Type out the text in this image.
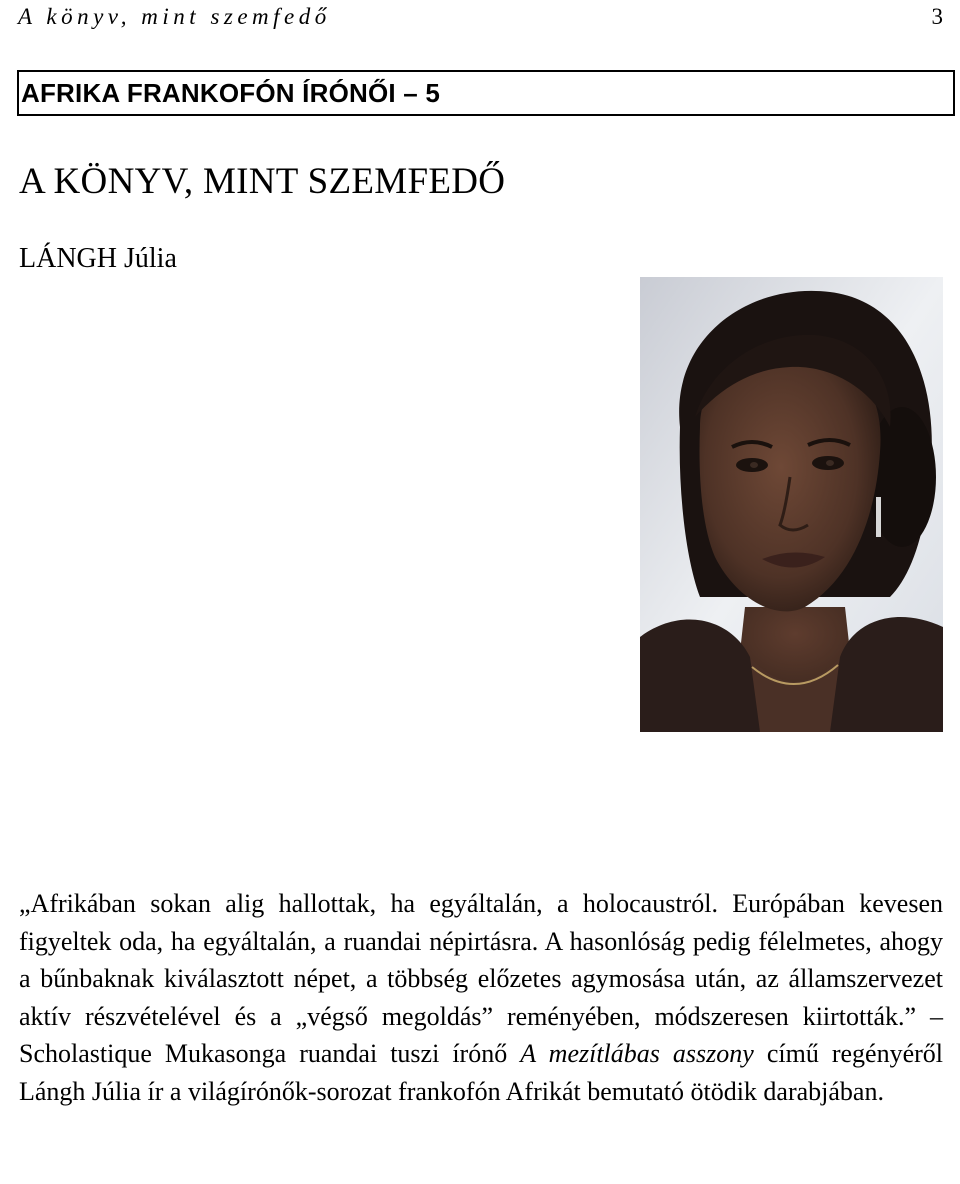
A könyv, mint szemfedő	3
AFRIKA FRANKOFÓN ÍRÓNŐI – 5
A KÖNYV, MINT SZEMFEDŐ
LÁNGH Júlia

„Afrikában sokan alig hallottak, ha egyáltalán, a holocaustról. Európában kevesen figyeltek oda, ha egyáltalán, a ruandai népirtásra. A hasonlóság pedig félelmetes, ahogy a bűnbaknak kiválasztott népet, a többség előzetes agymosása után, az államszervezet aktív részvételével és a „végső megoldás” reményében, módszeresen kiirtották.” – Scholastique Mukasonga ruandai tuszi írónő A mezítlábas asszony című regényéről Lángh Júlia ír a világírónők-sorozat frankofón Afrikát bemutató ötödik darabjában.
